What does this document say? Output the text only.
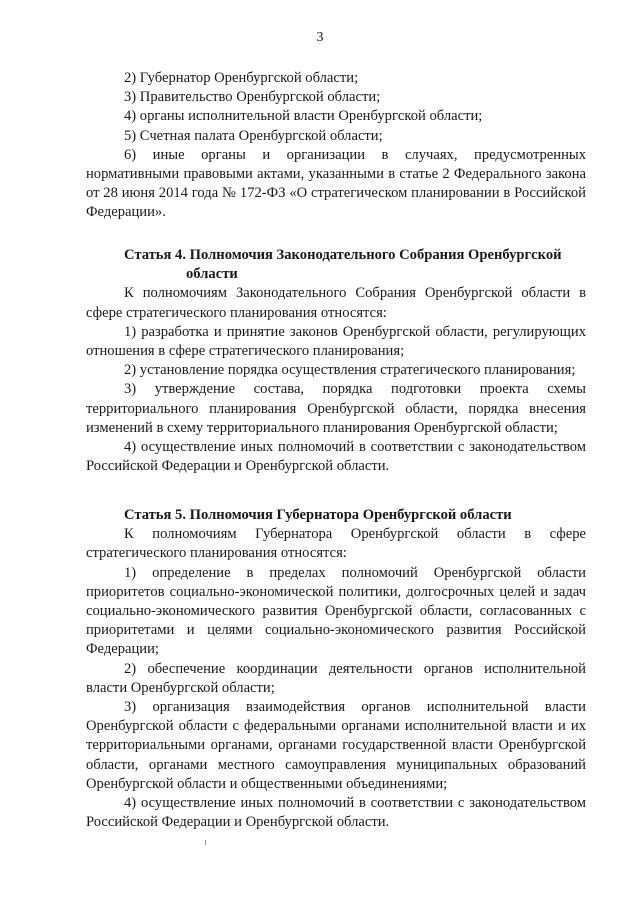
3

2) Губернатор Оренбургской области;

3) Правительство Оренбургской области;

4) органы исполнительной власти Оренбургской области;

5) Счетная палата Оренбургской области;

6) иные органы и организации в случаях, предусмотренных нормативными правовыми актами, указанными в статье 2 Федерального закона от 28 июня 2014 года № 172-ФЗ «О стратегическом планировании в Российской Федерации».

Статья 4. Полномочия Законодательного Собрания Оренбургской
области

К полномочиям Законодательного Собрания Оренбургской области в сфере стратегического планирования относятся:

1) разработка и принятие законов Оренбургской области, регулирующих отношения в сфере стратегического планирования;

2) установление порядка осуществления стратегического планирования;

3) утверждение состава, порядка подготовки проекта схемы территориального планирования Оренбургской области, порядка внесения изменений в схему территориального планирования Оренбургской области;

4) осуществление иных полномочий в соответствии с законодательством Российской Федерации и Оренбургской области.

Статья 5. Полномочия Губернатора Оренбургской области

К полномочиям Губернатора Оренбургской области в сфере стратегического планирования относятся:

1) определение в пределах полномочий Оренбургской области приоритетов социально-экономической политики, долгосрочных целей и задач социально-экономического развития Оренбургской области, согласованных с приоритетами и целями социально-экономического развития Российской Федерации;

2) обеспечение координации деятельности органов исполнительной власти Оренбургской области;

3) организация взаимодействия органов исполнительной власти Оренбургской области с федеральными органами исполнительной власти и их территориальными органами, органами государственной власти Оренбургской области, органами местного самоуправления муниципальных образований Оренбургской области и общественными объединениями;

4) осуществление иных полномочий в соответствии с законодательством Российской Федерации и Оренбургской области.
